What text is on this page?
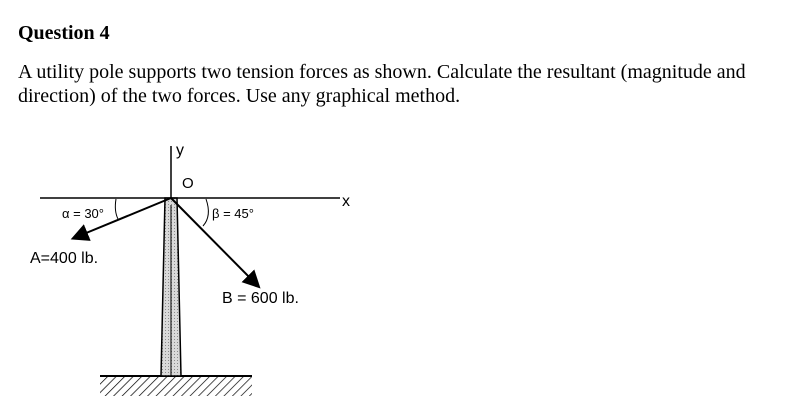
Question 4

A utility pole supports two tension forces as shown. Calculate the resultant (magnitude and direction) of the two forces. Use any graphical method.

y
x
O
α = 30°
A=400 lb.
β = 45°
B = 600 lb.
